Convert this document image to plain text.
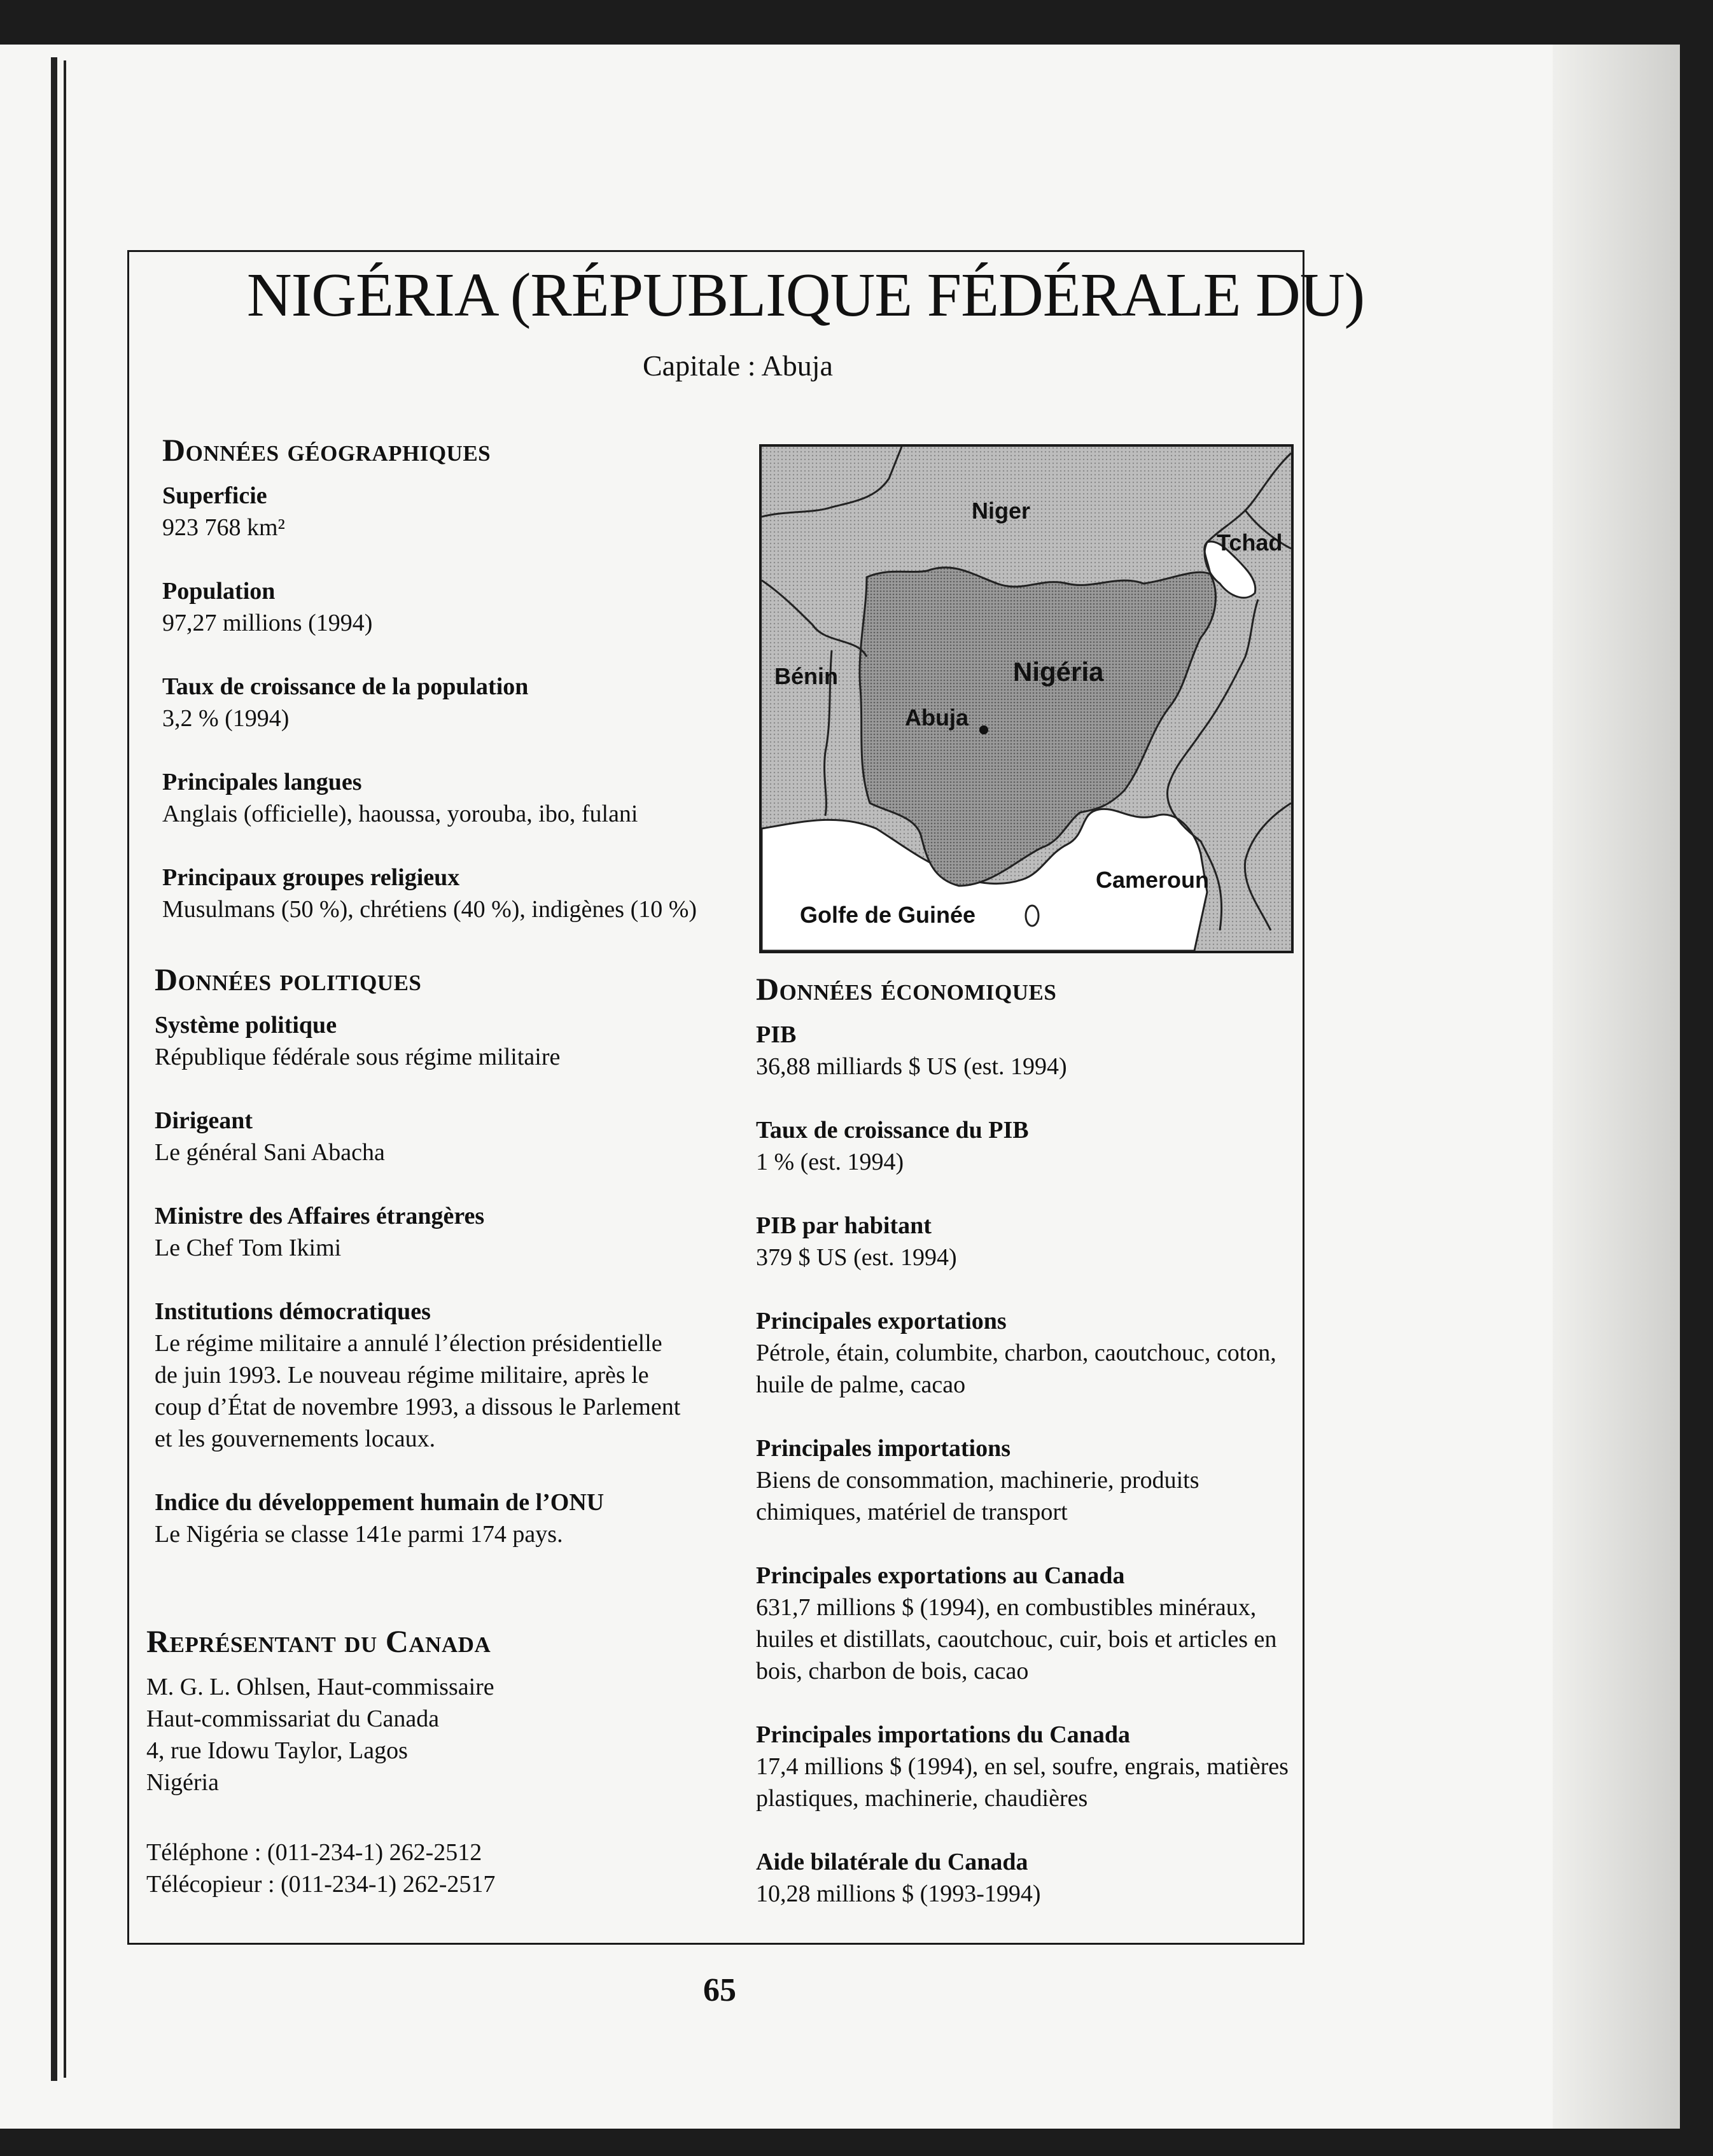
NIGÉRIA (RÉPUBLIQUE FÉDÉRALE DU)
Capitale : Abuja
Données géographiques
Superficie
923 768 km²
Population
97,27 millions (1994)
Taux de croissance de la population
3,2 % (1994)
Principales langues
Anglais (officielle), haoussa, yorouba, ibo, fulani
Principaux groupes religieux
Musulmans (50 %), chrétiens (40 %), indigènes (10 %)
Niger
Tchad
Bénin	Nigéria
Abuja
Cameroun
Golfe de Guinée
Données politiques
Système politique
République fédérale sous régime militaire
Dirigeant
Le général Sani Abacha
Ministre des Affaires étrangères
Le Chef Tom Ikimi
Institutions démocratiques
Le régime militaire a annulé l’élection présidentielle de juin 1993. Le nouveau régime militaire, après le coup d’État de novembre 1993, a dissous le Parlement et les gouvernements locaux.
Indice du développement humain de l’ONU
Le Nigéria se classe 141e parmi 174 pays.
Représentant du Canada
M. G. L. Ohlsen, Haut-commissaire
Haut-commissariat du Canada
4, rue Idowu Taylor, Lagos
Nigéria
Téléphone : (011-234-1) 262-2512
Télécopieur : (011-234-1) 262-2517
Données économiques
PIB
36,88 milliards $ US (est. 1994)
Taux de croissance du PIB
1 % (est. 1994)
PIB par habitant
379 $ US (est. 1994)
Principales exportations
Pétrole, étain, columbite, charbon, caoutchouc, coton, huile de palme, cacao
Principales importations
Biens de consommation, machinerie, produits chimiques, matériel de transport
Principales exportations au Canada
631,7 millions $ (1994), en combustibles minéraux, huiles et distillats, caoutchouc, cuir, bois et articles en bois, charbon de bois, cacao
Principales importations du Canada
17,4 millions $ (1994), en sel, soufre, engrais, matières plastiques, machinerie, chaudières
Aide bilatérale du Canada
10,28 millions $ (1993-1994)
65
